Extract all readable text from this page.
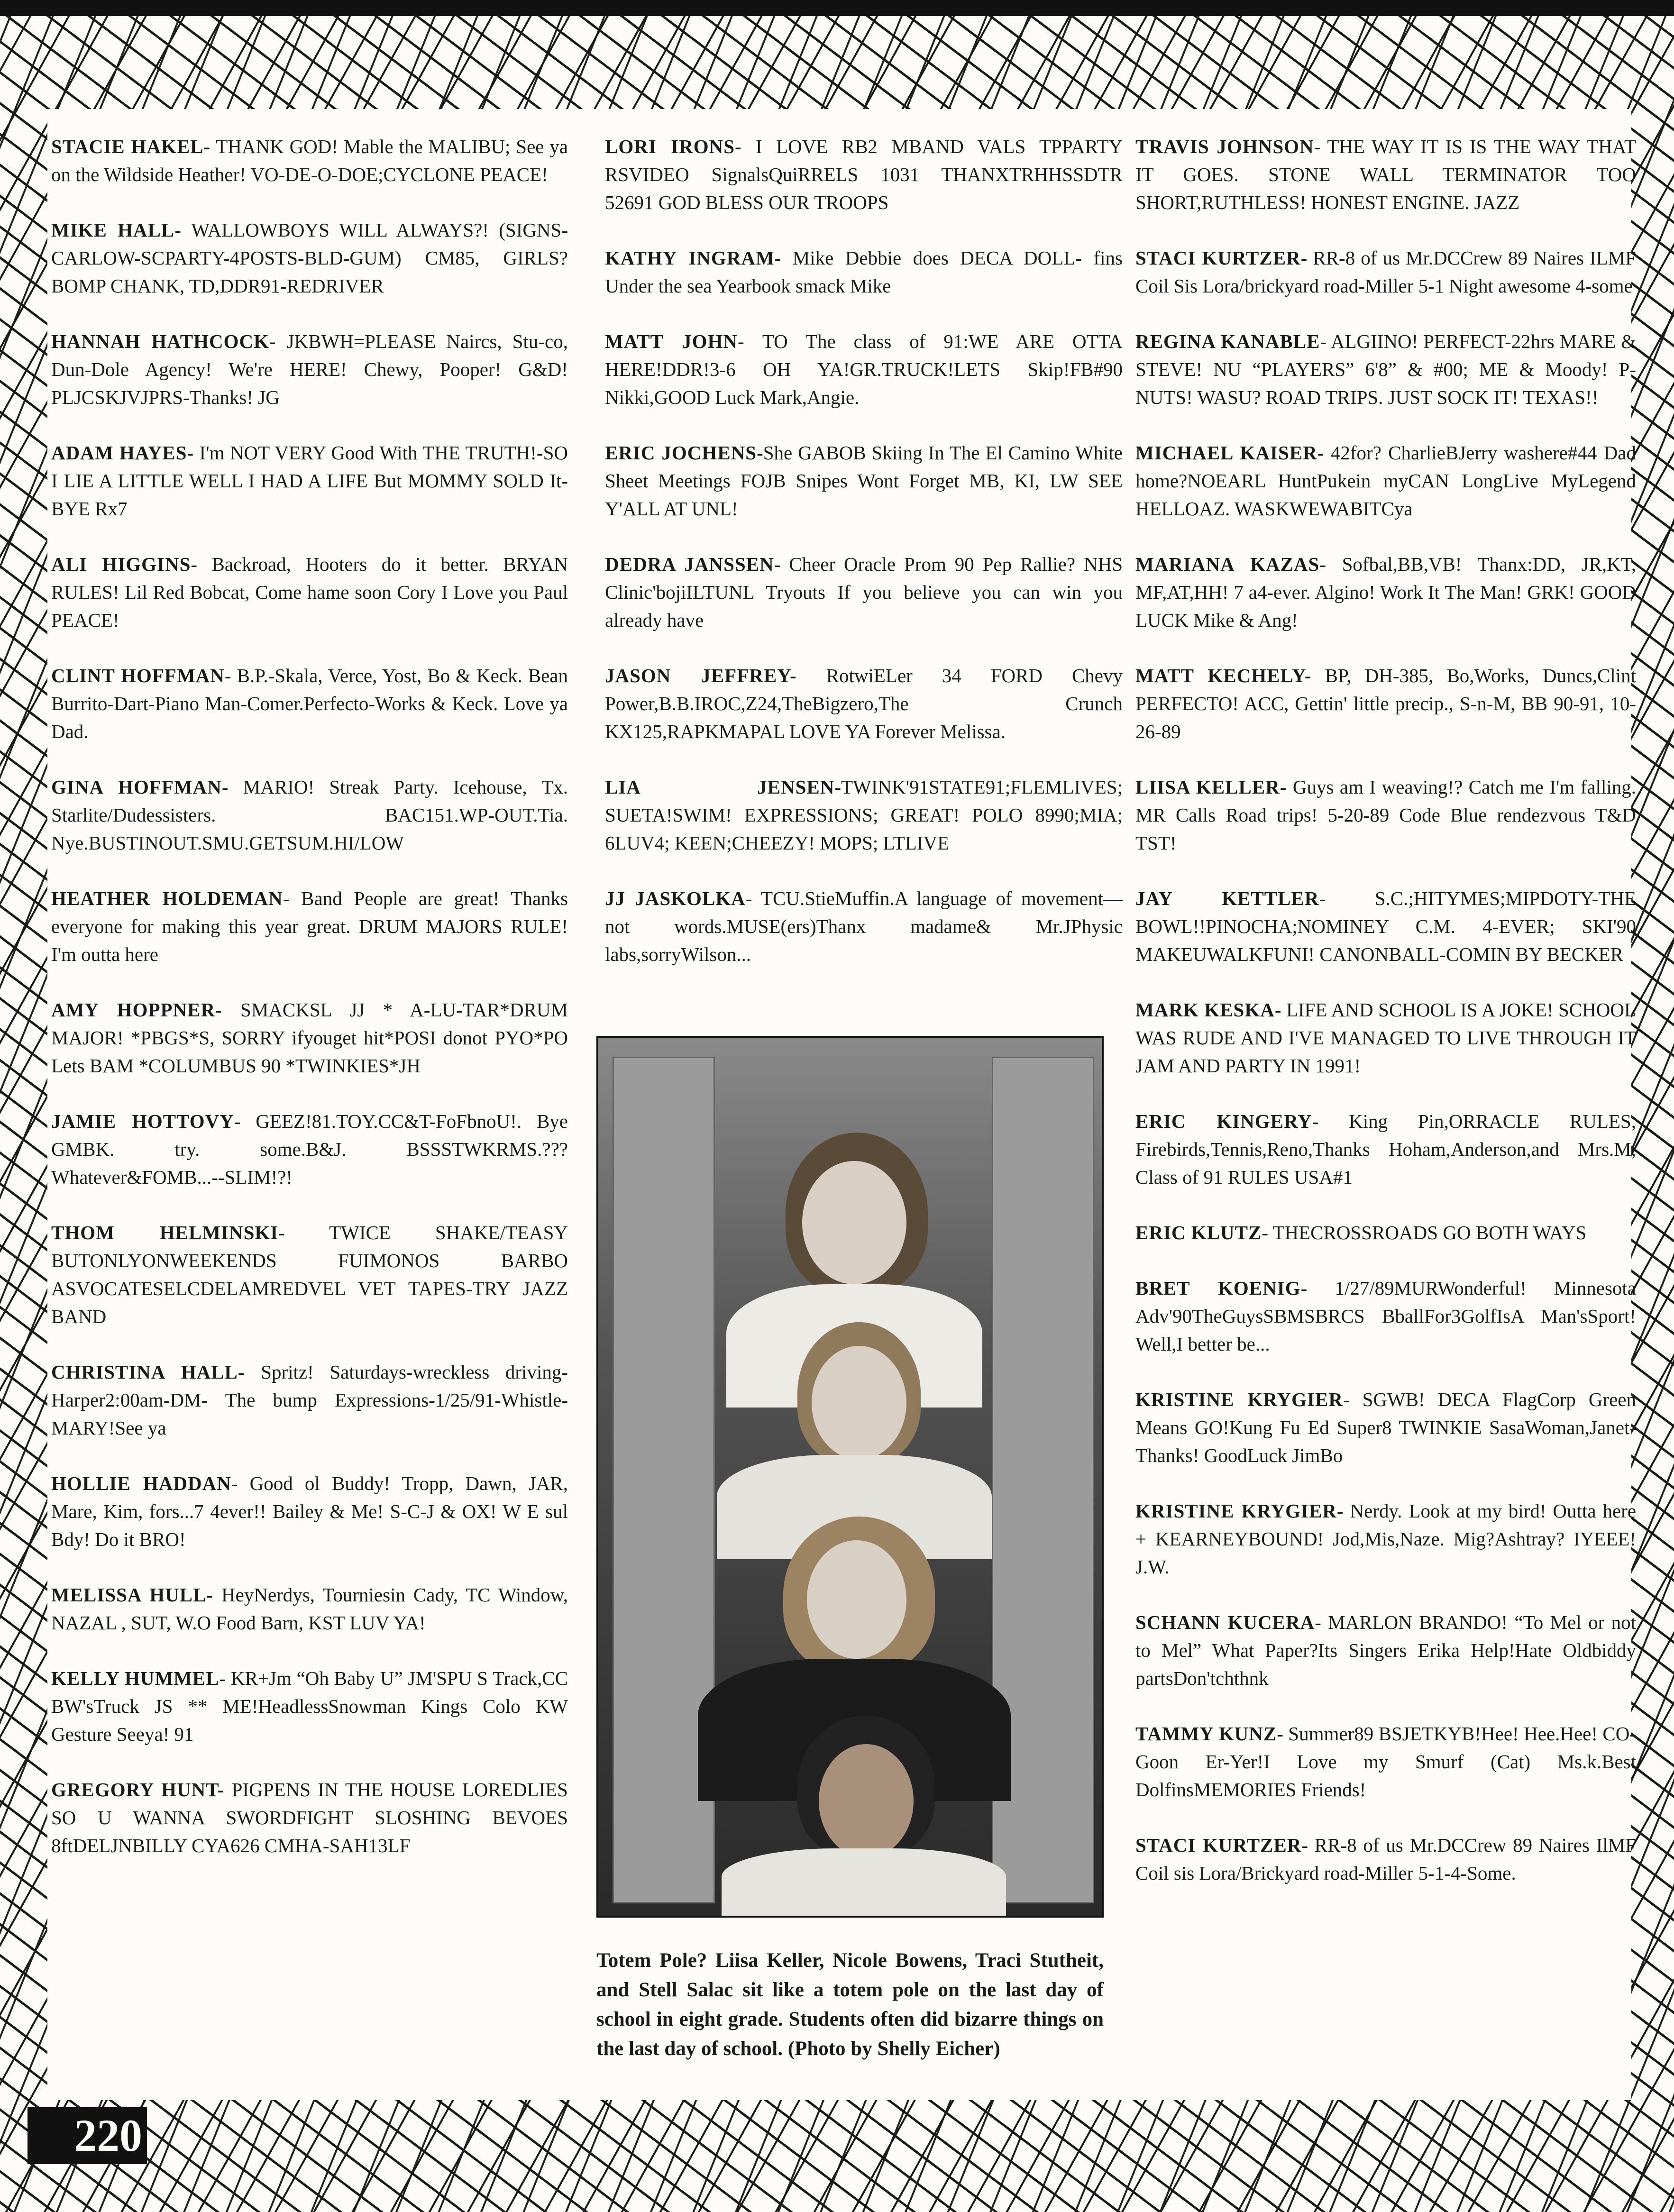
STACIE HAKEL- THANK GOD! Mable the MALIBU; See ya on the Wildside Heather! VO-DE-O-DOE;CYCLONE PEACE!

MIKE HALL- WALLOWBOYS WILL ALWAYS?! (SIGNS-CARLOW-SCPARTY-4POSTS-BLD-GUM) CM85, GIRLS? BOMP CHANK, TD,DDR91-REDRIVER

HANNAH HATHCOCK- JKBWH=PLEASE Naircs, Stu-co, Dun-Dole Agency! We're HERE! Chewy, Pooper! G&D! PLJCSKJVJPRS-Thanks! JG

ADAM HAYES- I'm NOT VERY Good With THE TRUTH!-SO I LIE A LITTLE WELL I HAD A LIFE But MOMMY SOLD It-BYE Rx7

ALI HIGGINS- Backroad, Hooters do it better. BRYAN RULES! Lil Red Bobcat, Come hame soon Cory I Love you Paul PEACE!

CLINT HOFFMAN- B.P.-Skala, Verce, Yost, Bo & Keck. Bean Burrito-Dart-Piano Man-Comer.Perfecto-Works & Keck. Love ya Dad.

GINA HOFFMAN- MARIO! Streak Party. Icehouse, Tx. Starlite/Dudessisters. BAC151.WP-OUT.Tia. Nye.BUSTINOUT.SMU.GETSUM.HI/LOW

HEATHER HOLDEMAN- Band People are great! Thanks everyone for making this year great. DRUM MAJORS RULE! I'm outta here

AMY HOPPNER- SMACKSL JJ * A-LU-TAR*DRUM MAJOR! *PBGS*S, SORRY ifyouget hit*POSI donot PYO*PO Lets BAM *COLUMBUS 90 *TWINKIES*JH

JAMIE HOTTOVY- GEEZ!81.TOY.CC&T-FoFbnoU!. Bye GMBK. try. some.B&J. BSSSTWKRMS.??? Whatever&FOMB...--SLIM!?!

THOM HELMINSKI- TWICE SHAKE/TEASY BUTONLYONWEEKENDS FUIMONOS BARBO ASVOCATESELCDELAMREDVEL VET TAPES-TRY JAZZ BAND

CHRISTINA HALL- Spritz! Saturdays-wreckless driving-Harper2:00am-DM- The bump Expressions-1/25/91-Whistle-MARY!See ya

HOLLIE HADDAN- Good ol Buddy! Tropp, Dawn, JAR, Mare, Kim, fors...7 4ever!! Bailey & Me! S-C-J & OX! W E sul Bdy! Do it BRO!

MELISSA HULL- HeyNerdys, Tourniesin Cady, TC Window, NAZAL , SUT, W.O Food Barn, KST LUV YA!

KELLY HUMMEL- KR+Jm “Oh Baby U” JM'SPU S Track,CC BW'sTruck JS ** ME!HeadlessSnowman Kings Colo KW Gesture Seeya! 91

GREGORY HUNT- PIGPENS IN THE HOUSE LOREDLIES SO U WANNA SWORDFIGHT SLOSHING BEVOES 8ftDELJNBILLY CYA626 CMHA-SAH13LF

LORI IRONS- I LOVE RB2 MBAND VALS TPPARTY RSVIDEO SignalsQuiRRELS 1031 THANXTRHHSSDTR 52691 GOD BLESS OUR TROOPS

KATHY INGRAM- Mike Debbie does DECA DOLL- fins Under the sea Yearbook smack Mike

MATT JOHN- TO The class of 91:WE ARE OTTA HERE!DDR!3-6 OH YA!GR.TRUCK!LETS Skip!FB#90 Nikki,GOOD Luck Mark,Angie.

ERIC JOCHENS-She GABOB Skiing In The El Camino White Sheet Meetings FOJB Snipes Wont Forget MB, KI, LW SEE Y'ALL AT UNL!

DEDRA JANSSEN- Cheer Oracle Prom 90 Pep Rallie? NHS Clinic'bojiILTUNL Tryouts If you believe you can win you already have

JASON JEFFREY- RotwiELer 34 FORD Chevy Power,B.B.IROC,Z24,TheBigzero,The Crunch KX125,RAPKMAPAL LOVE YA Forever Melissa.

LIA JENSEN-TWINK'91STATE91;FLEMLIVES; SUETA!SWIM! EXPRESSIONS; GREAT! POLO 8990;MIA; 6LUV4; KEEN;CHEEZY! MOPS; LTLIVE

JJ JASKOLKA- TCU.StieMuffin.A language of movement—not words.MUSE(ers)Thanx madame& Mr.JPhysic labs,sorryWilson...

TRAVIS JOHNSON- THE WAY IT IS IS THE WAY THAT IT GOES. STONE WALL TERMINATOR TOO SHORT,RUTHLESS! HONEST ENGINE. JAZZ

STACI KURTZER- RR-8 of us Mr.DCCrew 89 Naires ILMF Coil Sis Lora/brickyard road-Miller 5-1 Night awesome 4-some

REGINA KANABLE- ALGIINO! PERFECT-22hrs MARE & STEVE! NU “PLAYERS” 6'8” & #00; ME & Moody! P-NUTS! WASU? ROAD TRIPS. JUST SOCK IT! TEXAS!!

MICHAEL KAISER- 42for? CharlieBJerry washere#44 Dad home?NOEARL HuntPukein myCAN LongLive MyLegend HELLOAZ. WASKWEWABITCya

MARIANA KAZAS- Sofbal,BB,VB! Thanx:DD, JR,KT, MF,AT,HH! 7 a4-ever. Algino! Work It The Man! GRK! GOOD LUCK Mike & Ang!

MATT KECHELY- BP, DH-385, Bo,Works, Duncs,Clint PERFECTO! ACC, Gettin' little precip., S-n-M, BB 90-91, 10-26-89

LIISA KELLER- Guys am I weaving!? Catch me I'm falling. MR Calls Road trips! 5-20-89 Code Blue rendezvous T&D TST!

JAY KETTLER- S.C.;HITYMES;MIPDOTY-THE BOWL!!PINOCHA;NOMINEY C.M. 4-EVER; SKI'90 MAKEUWALKFUNI! CANONBALL-COMIN BY BECKER

MARK KESKA- LIFE AND SCHOOL IS A JOKE! SCHOOL WAS RUDE AND I'VE MANAGED TO LIVE THROUGH IT JAM AND PARTY IN 1991!

ERIC KINGERY- King Pin,ORRACLE RULES, Firebirds,Tennis,Reno,Thanks Hoham,Anderson,and Mrs.M, Class of 91 RULES USA#1

ERIC KLUTZ- THECROSSROADS GO BOTH WAYS

BRET KOENIG- 1/27/89MURWonderful! Minnesota Adv'90TheGuysSBMSBRCS BballFor3GolfIsA Man'sSport! Well,I better be...

KRISTINE KRYGIER- SGWB! DECA FlagCorp Green Means GO!Kung Fu Ed Super8 TWINKIE SasaWoman,Janet-Thanks! GoodLuck JimBo

KRISTINE KRYGIER- Nerdy. Look at my bird! Outta here + KEARNEYBOUND! Jod,Mis,Naze. Mig?Ashtray? IYEEE! J.W.

SCHANN KUCERA- MARLON BRANDO! “To Mel or not to Mel” What Paper?Its Singers Erika Help!Hate Oldbiddy partsDon'tchthnk

TAMMY KUNZ- Summer89 BSJETKYB!Hee! Hee.Hee! CO-Goon Er-Yer!I Love my Smurf (Cat) Ms.k.Best DolfinsMEMORIES Friends!

STACI KURTZER- RR-8 of us Mr.DCCrew 89 Naires IlMF Coil sis Lora/Brickyard road-Miller 5-1-4-Some.

Totem Pole? Liisa Keller, Nicole Bowens, Traci Stutheit, and Stell Salac sit like a totem pole on the last day of school in eight grade. Students often did bizarre things on the last day of school. (Photo by Shelly Eicher)
220
